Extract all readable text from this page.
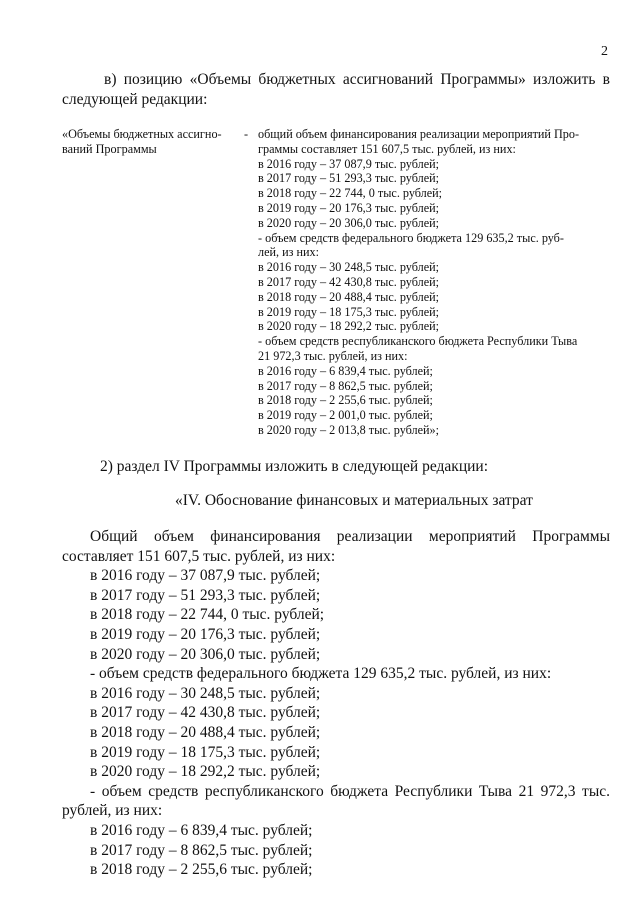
2
в) позицию «Объемы бюджетных ассигнований Программы» изложить в следующей редакции:
«Объемы бюджетных ассигно-ваний Программы
- общий объем финансирования реализации мероприятий Про-
граммы составляет 151 607,5 тыс. рублей, из них:
в 2016 году – 37 087,9 тыс. рублей;
в 2017 году – 51 293,3 тыс. рублей;
в 2018 году – 22 744, 0 тыс. рублей;
в 2019 году – 20 176,3 тыс. рублей;
в 2020 году – 20 306,0 тыс. рублей;
- объем средств федерального бюджета 129 635,2 тыс. руб-
лей, из них:
в 2016 году – 30 248,5 тыс. рублей;
в 2017 году – 42 430,8 тыс. рублей;
в 2018 году – 20 488,4 тыс. рублей;
в 2019 году – 18 175,3 тыс. рублей;
в 2020 году – 18 292,2 тыс. рублей;
- объем средств республиканского бюджета Республики Тыва
21 972,3 тыс. рублей, из них:
в 2016 году – 6 839,4 тыс. рублей;
в 2017 году – 8 862,5 тыс. рублей;
в 2018 году – 2 255,6 тыс. рублей;
в 2019 году – 2 001,0 тыс. рублей;
в 2020 году – 2 013,8 тыс. рублей»;
2) раздел IV Программы изложить в следующей редакции:
«IV. Обоснование финансовых и материальных затрат
Общий объем финансирования реализации мероприятий Программы составляет 151 607,5 тыс. рублей, из них:
в 2016 году – 37 087,9 тыс. рублей;
в 2017 году – 51 293,3 тыс. рублей;
в 2018 году – 22 744, 0 тыс. рублей;
в 2019 году – 20 176,3 тыс. рублей;
в 2020 году – 20 306,0 тыс. рублей;
- объем средств федерального бюджета 129 635,2 тыс. рублей, из них:
в 2016 году – 30 248,5 тыс. рублей;
в 2017 году – 42 430,8 тыс. рублей;
в 2018 году – 20 488,4 тыс. рублей;
в 2019 году – 18 175,3 тыс. рублей;
в 2020 году – 18 292,2 тыс. рублей;
- объем средств республиканского бюджета Республики Тыва 21 972,3 тыс. рублей, из них:
в 2016 году – 6 839,4 тыс. рублей;
в 2017 году – 8 862,5 тыс. рублей;
в 2018 году – 2 255,6 тыс. рублей;
